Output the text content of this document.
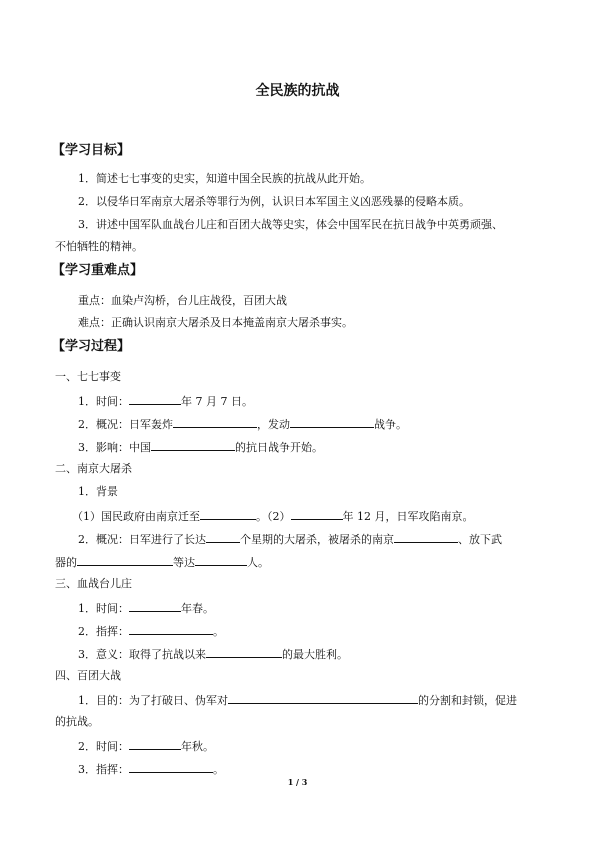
全民族的抗战
【学习目标】
1．简述七七事变的史实，知道中国全民族的抗战从此开始。
2．以侵华日军南京大屠杀等罪行为例，认识日本军国主义凶恶残暴的侵略本质。
3．讲述中国军队血战台儿庄和百团大战等史实，体会中国军民在抗日战争中英勇顽强、
不怕牺牲的精神。
【学习重难点】
重点：血染卢沟桥，台儿庄战役，百团大战
难点：正确认识南京大屠杀及日本掩盖南京大屠杀事实。
【学习过程】
一、七七事变
1．时间：	年 7 月 7 日。
2．概况：日军轰炸	，发动	战争。
3．影响：中国	的抗日战争开始。
二、南京大屠杀
1．背景
（1）国民政府由南京迁至	。（2）	年 12 月，日军攻陷南京。
2．概况：日军进行了长达	个星期的大屠杀，被屠杀的南京	、放下武
器的	等达	人。
三、血战台儿庄
1．时间：	年春。
2．指挥：	。
3．意义：取得了抗战以来	的最大胜利。
四、百团大战
1．目的：为了打破日、伪军对	的分割和封锁，促进
的抗战。
2．时间：	年秋。
3．指挥：	。
1 / 3
